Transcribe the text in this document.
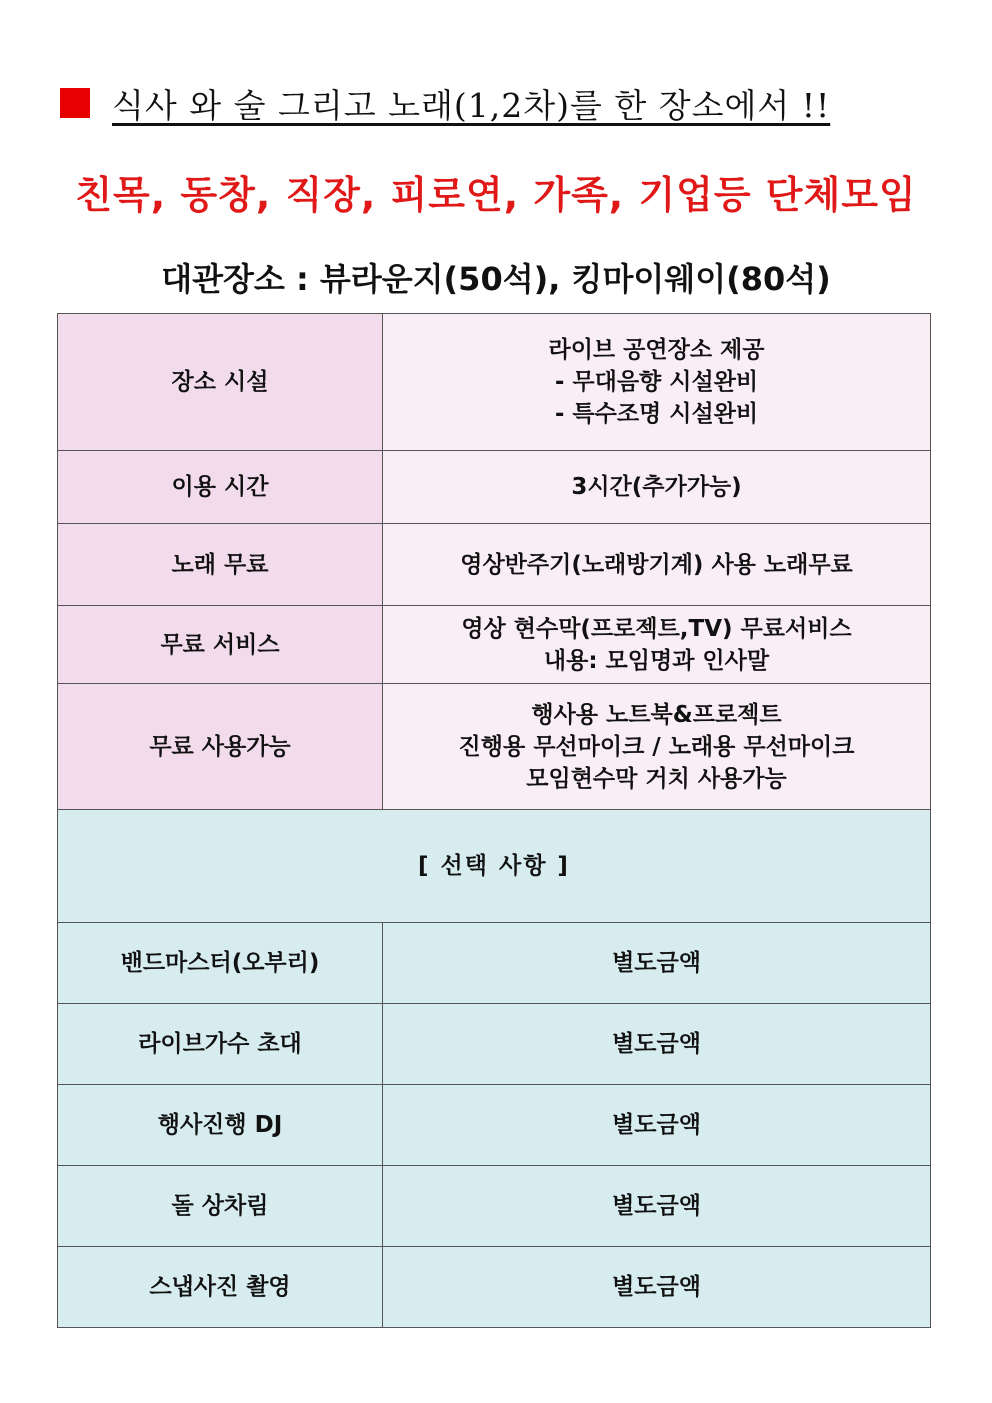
식사 와 술 그리고 노래(1,2차)를 한 장소에서 !!
친목, 동창, 직장, 피로연, 가족, 기업등 단체모임
대관장소 : 뷰라운지(50석), 킹마이웨이(80석)
장소 시설	라이브 공연장소 제공
- 무대음향 시설완비
- 특수조명 시설완비

이용 시간	3시간(추가가능)

노래 무료	영상반주기(노래방기계) 사용 노래무료

무료 서비스	영상 현수막(프로젝트,TV) 무료서비스
내용: 모임명과 인사말

무료 사용가능	행사용 노트북&프로젝트
진행용 무선마이크 / 노래용 무선마이크
모임현수막 거치 사용가능

[ 선택 사항 ]	
밴드마스터(오부리)	별도금액
라이브가수 초대	별도금액
행사진행 DJ	별도금액
돌 상차림	별도금액
스냅사진 촬영	별도금액
